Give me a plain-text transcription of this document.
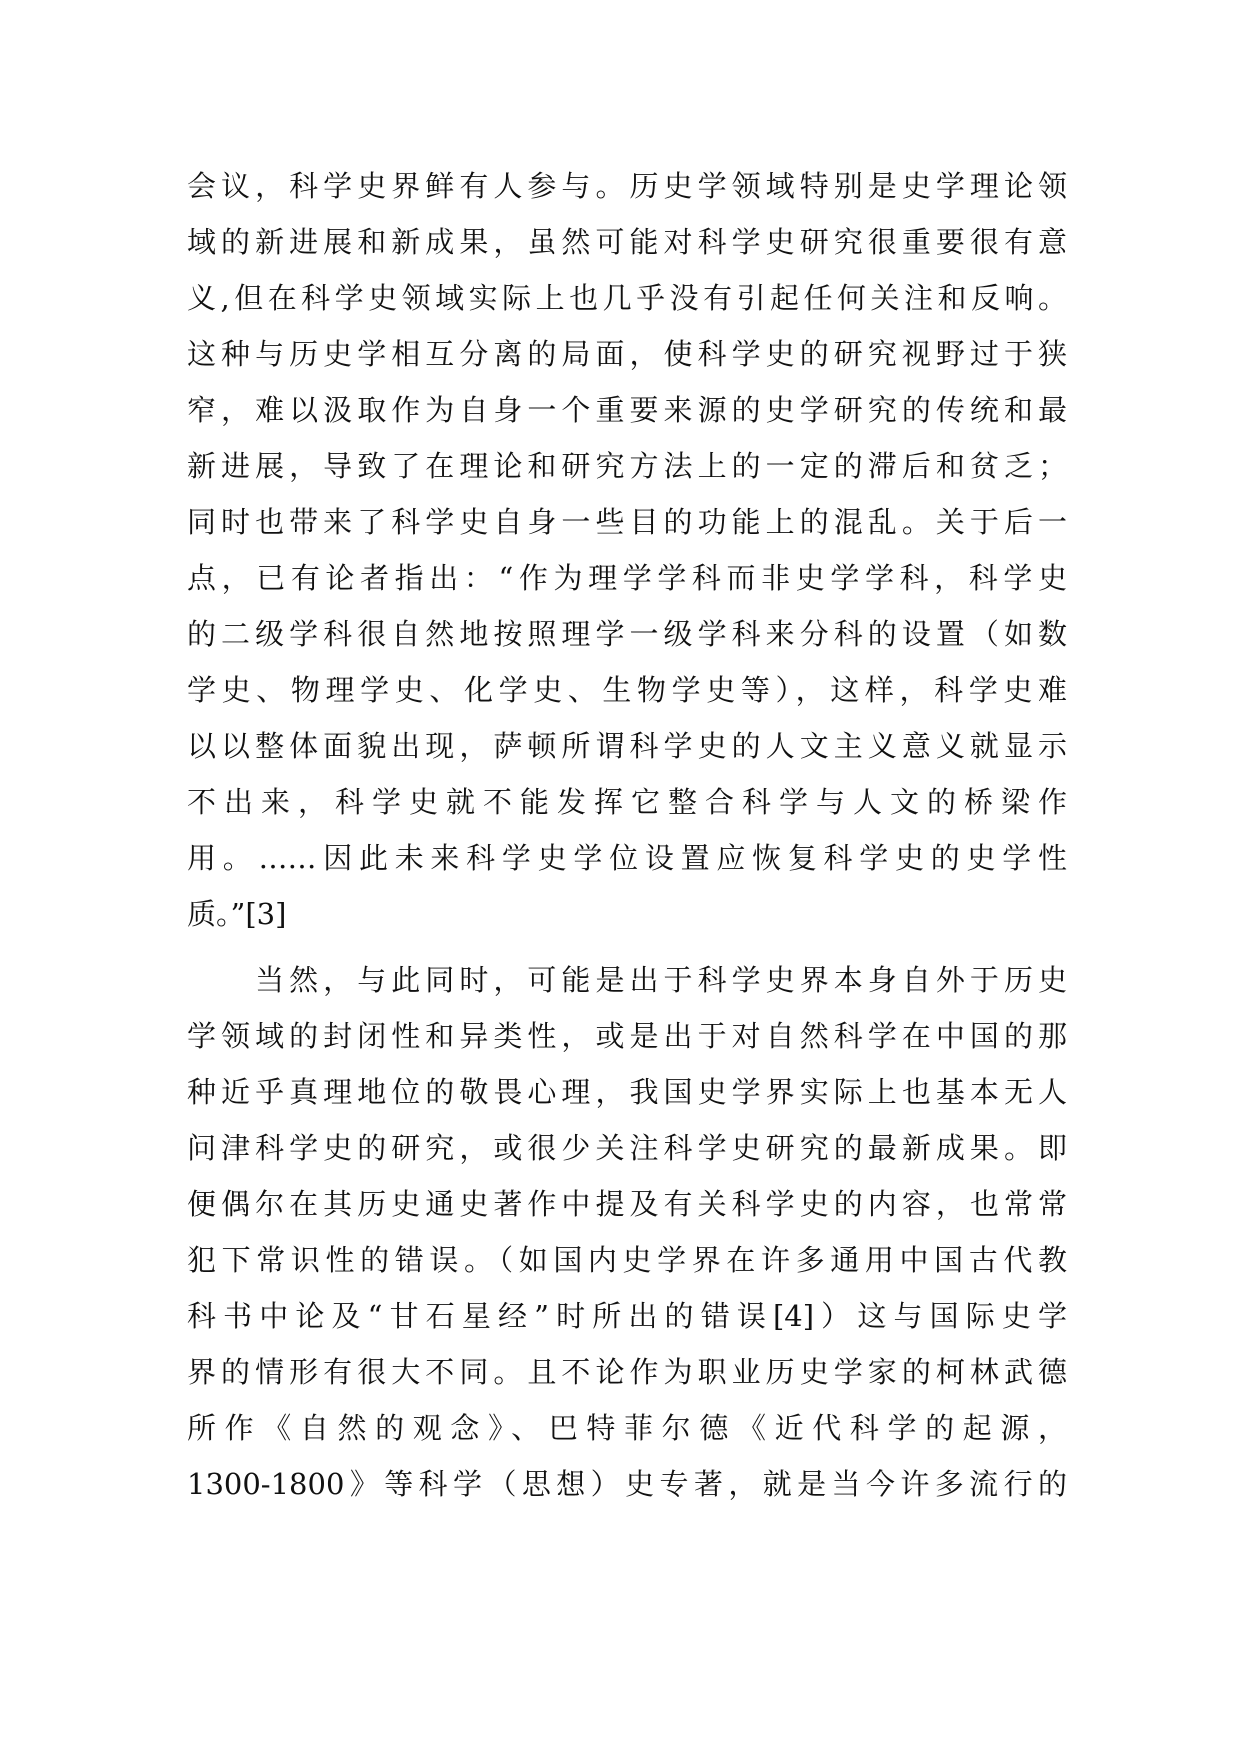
会议，科学史界鲜有人参与。历史学领域特别是史学理论领
域的新进展和新成果，虽然可能对科学史研究很重要很有意
义,但在科学史领域实际上也几乎没有引起任何关注和反响。
这种与历史学相互分离的局面，使科学史的研究视野过于狭
窄，难以汲取作为自身一个重要来源的史学研究的传统和最
新进展，导致了在理论和研究方法上的一定的滞后和贫乏；
同时也带来了科学史自身一些目的功能上的混乱。关于后一
点，已有论者指出：“作为理学学科而非史学学科，科学史
的二级学科很自然地按照理学一级学科来分科的设置（如数
学史、物理学史、化学史、生物学史等），这样，科学史难
以以整体面貌出现，萨顿所谓科学史的人文主义意义就显示
不出来，科学史就不能发挥它整合科学与人文的桥梁作
用。……因此未来科学史学位设置应恢复科学史的史学性
质。”[3]
　　当然，与此同时，可能是出于科学史界本身自外于历史
学领域的封闭性和异类性，或是出于对自然科学在中国的那
种近乎真理地位的敬畏心理，我国史学界实际上也基本无人
问津科学史的研究，或很少关注科学史研究的最新成果。即
便偶尔在其历史通史著作中提及有关科学史的内容，也常常
犯下常识性的错误。（如国内史学界在许多通用中国古代教
科书中论及“甘石星经”时所出的错误[4]）这与国际史学
界的情形有很大不同。且不论作为职业历史学家的柯林武德
所作《自然的观念》、巴特菲尔德《近代科学的起源，
1300-1800》等科学（思想）史专著，就是当今许多流行的
